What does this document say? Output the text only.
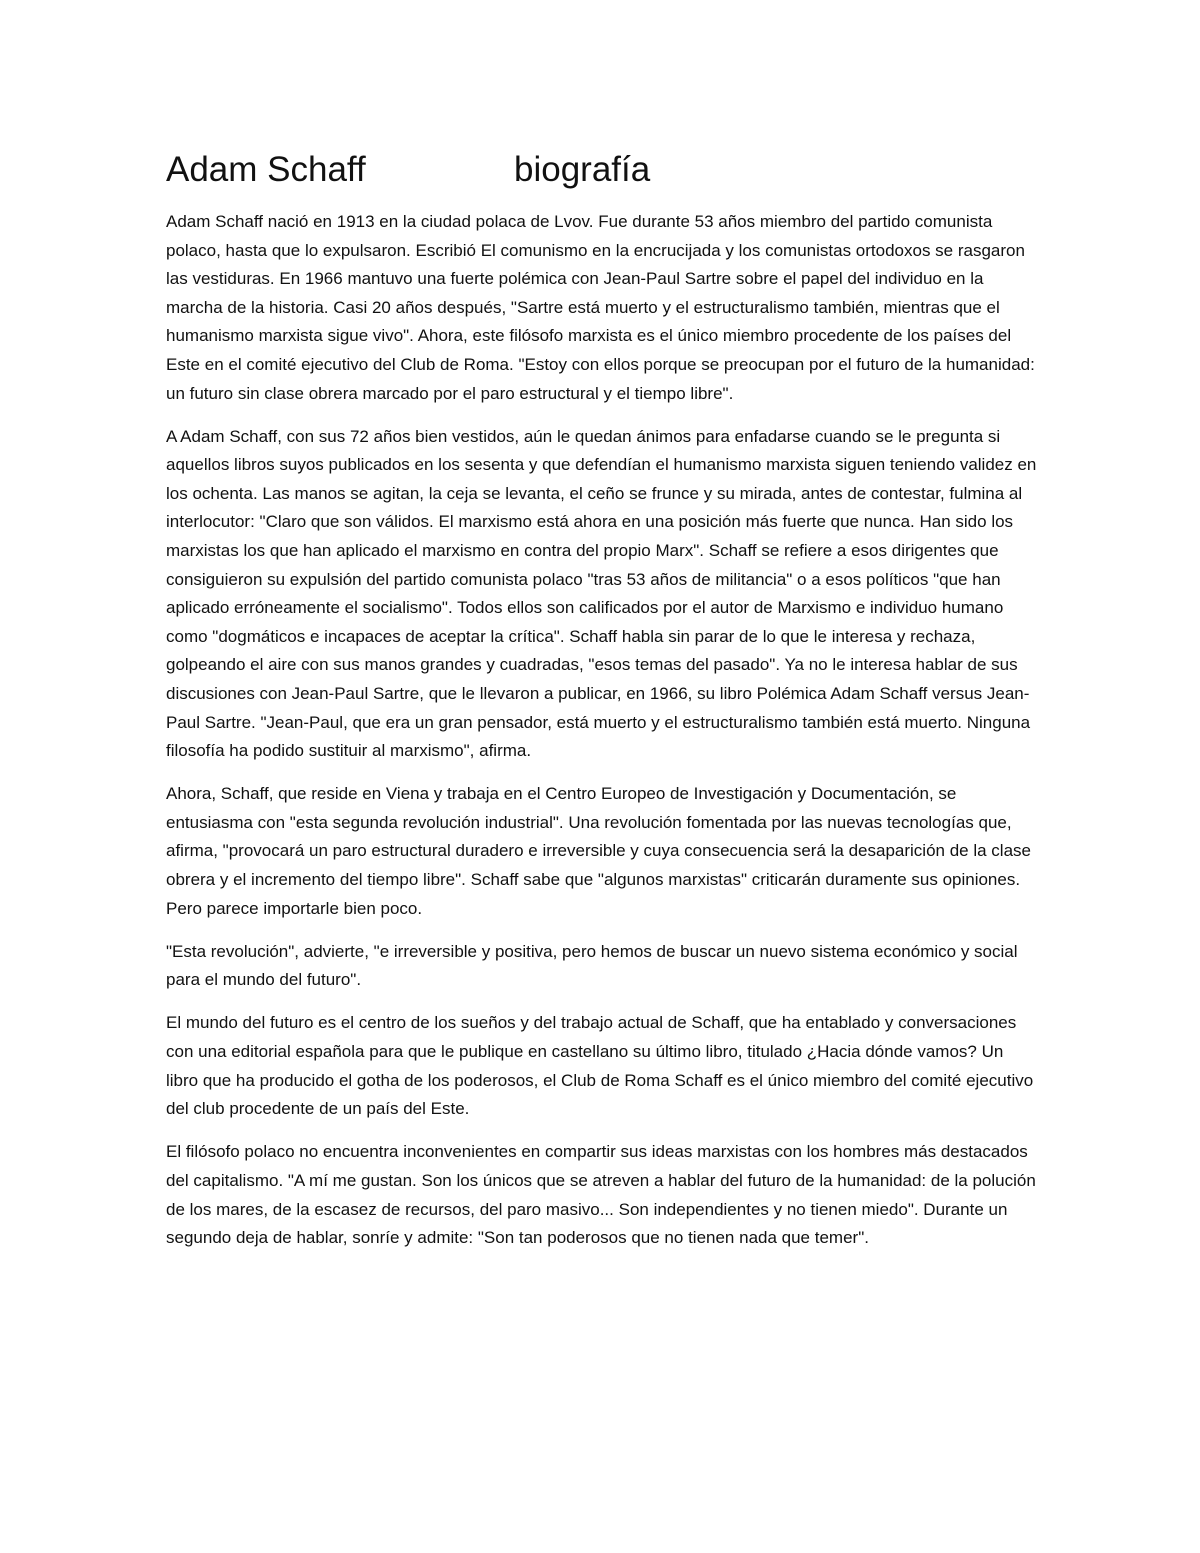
Adam Schaff	biografía

Adam Schaff nació en 1913 en la ciudad polaca de Lvov. Fue durante 53 años miembro del partido comunista polaco, hasta que lo expulsaron. Escribió El comunismo en la encrucijada y los comunistas ortodoxos se rasgaron las vestiduras. En 1966 mantuvo una fuerte polémica con Jean-Paul Sartre sobre el papel del individuo en la marcha de la historia. Casi 20 años después, "Sartre está muerto y el estructuralismo también, mientras que el humanismo marxista sigue vivo". Ahora, este filósofo marxista es el único miembro procedente de los países del Este en el comité ejecutivo del Club de Roma. "Estoy con ellos porque se preocupan por el futuro de la humanidad: un futuro sin clase obrera marcado por el paro estructural y el tiempo libre".

A Adam Schaff, con sus 72 años bien vestidos, aún le quedan ánimos para enfadarse cuando se le pregunta si aquellos libros suyos publicados en los sesenta y que defendían el humanismo marxista siguen teniendo validez en los ochenta. Las manos se agitan, la ceja se levanta, el ceño se frunce y su mirada, antes de contestar, fulmina al interlocutor: "Claro que son válidos. El marxismo está ahora en una posición más fuerte que nunca. Han sido los marxistas los que han aplicado el marxismo en contra del propio Marx". Schaff se refiere a esos dirigentes que consiguieron su expulsión del partido comunista polaco "tras 53 años de militancia" o a esos políticos "que han aplicado erróneamente el socialismo". Todos ellos son calificados por el autor de Marxismo e individuo humano como "dogmáticos e incapaces de aceptar la crítica". Schaff habla sin parar de lo que le interesa y rechaza, golpeando el aire con sus manos grandes y cuadradas, "esos temas del pasado". Ya no le interesa hablar de sus discusiones con Jean-Paul Sartre, que le llevaron a publicar, en 1966, su libro Polémica Adam Schaff versus Jean-Paul Sartre. "Jean-Paul, que era un gran pensador, está muerto y el estructuralismo también está muerto. Ninguna filosofía ha podido sustituir al marxismo", afirma.

Ahora, Schaff, que reside en Viena y trabaja en el Centro Europeo de Investigación y Documentación, se entusiasma con "esta segunda revolución industrial". Una revolución fomentada por las nuevas tecnologías que, afirma, "provocará un paro estructural duradero e irreversible y cuya consecuencia será la desaparición de la clase obrera y el incremento del tiempo libre". Schaff sabe que "algunos marxistas" criticarán duramente sus opiniones. Pero parece importarle bien poco.

"Esta revolución", advierte, "e irreversible y positiva, pero hemos de buscar un nuevo sistema económico y social para el mundo del futuro".

El mundo del futuro es el centro de los sueños y del trabajo actual de Schaff, que ha entablado y conversaciones con una editorial española para que le publique en castellano su último libro, titulado ¿Hacia dónde vamos? Un libro que ha producido el gotha de los poderosos, el Club de Roma Schaff es el único miembro del comité ejecutivo del club procedente de un país del Este.

El filósofo polaco no encuentra inconvenientes en compartir sus ideas marxistas con los hombres más destacados del capitalismo. "A mí me gustan. Son los únicos que se atreven a hablar del futuro de la humanidad: de la polución de los mares, de la escasez de recursos, del paro masivo... Son independientes y no tienen miedo". Durante un segundo deja de hablar, sonríe y admite: "Son tan poderosos que no tienen nada que temer".
